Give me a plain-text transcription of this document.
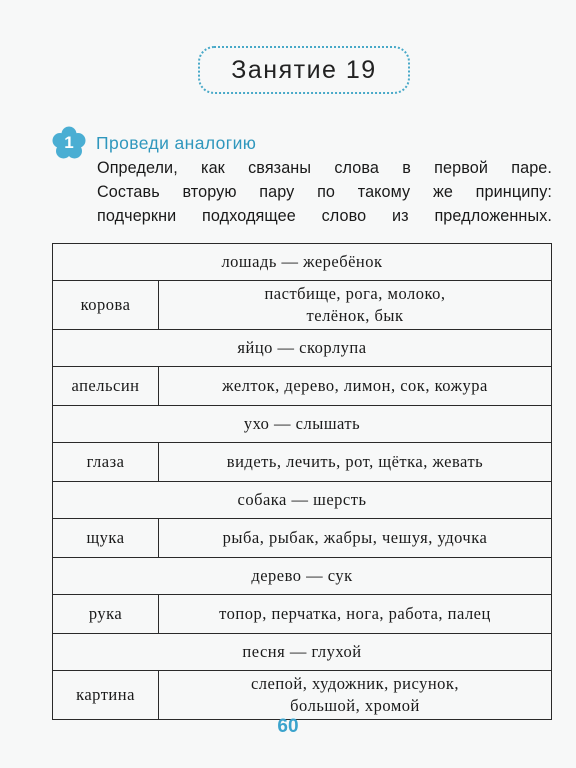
Занятие 19
1	Проведи аналогию
Определи, как связаны слова в первой паре.
Составь вторую пару по такому же принципу:
подчеркни подходящее слово из предложенных.
лошадь — жеребёнок	
корова	пастбище, рога, молоко,
телёнок, бык

яйцо — скорлупа	
апельсин	желток, дерево, лимон, сок, кожура

ухо — слышать	
глаза	видеть, лечить, рот, щётка, жевать

собака — шерсть	
щука	рыба, рыбак, жабры, чешуя, удочка

дерево — сук	
рука	топор, перчатка, нога, работа, палец

песня — глухой	
картина	слепой, художник, рисунок,
большой, хромой
60
